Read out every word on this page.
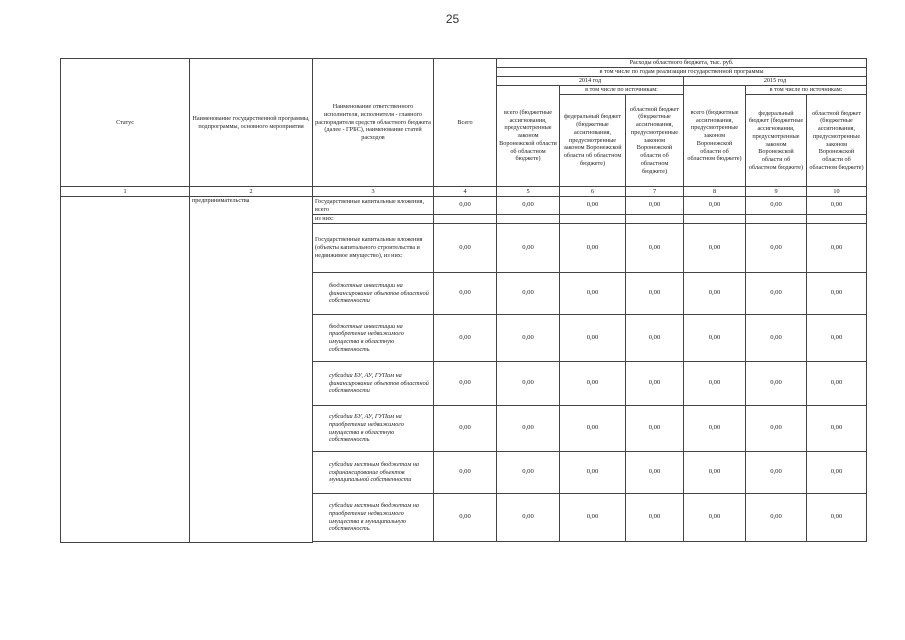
25
Статус	Наименование государственной программы, подпрограммы, основного мероприятия	Наименование ответственного исполнителя, исполнителя - главного распорядителя средств областного бюджета (далее - ГРБС), наименование статей расходов	Всего	Расходы областного бюджета, тыс. руб.					
				в том числе по годам реализации государственной программы					
				2014 год			2015 год		
				всего (бюджетные ассигнования, предусмотренные законом Воронежской области об областном бюджете)	в том числе по источникам:		всего (бюджетные ассигнования, предусмотренные законом Воронежской области об областном бюджете)	в том числе по источникам:	
					федеральный бюджет (бюджетные ассигнования, предусмотренные законом Воронежской области об областном бюджете)	областной бюджет (бюджетные ассигнования, предусмотренные законом Воронежской области об областном бюджете)		федеральный бюджет (бюджетные ассигнования, предусмотренные законом Воронежской области об областном бюджете)	областной бюджет (бюджетные ассигнования, предусмотренные законом Воронежской области об областном бюджете)
1	2	3	4	5	6	7	8	9	10
	предпринимательства	Государственные капитальные вложения, всего	0,00	0,00	0,00	0,00	0,00	0,00	0,00
		из них:							
		Государственные капитальные вложения (объекты капитального строительства и недвижимое имущество), из них:	0,00	0,00	0,00	0,00	0,00	0,00	0,00

		бюджетные инвестиции на финансирование объектов областной собственности	0,00	0,00	0,00	0,00	0,00	0,00	0,00

		бюджетные инвестиции на приобретение недвижимого имущества в областную собственность	0,00	0,00	0,00	0,00	0,00	0,00	0,00

		субсидии БУ, АУ, ГУПам на финансирование объектов областной собственности	0,00	0,00	0,00	0,00	0,00	0,00	0,00

		субсидии БУ, АУ, ГУПам на приобретение недвижимого имущества в областную собственность	0,00	0,00	0,00	0,00	0,00	0,00	0,00

		субсидии местным бюджетам на софинансирование объектов муниципальной собственности	0,00	0,00	0,00	0,00	0,00	0,00	0,00

		субсидии местным бюджетам на приобретение недвижимого имущества в муниципальную собственность	0,00	0,00	0,00	0,00	0,00	0,00	0,00
